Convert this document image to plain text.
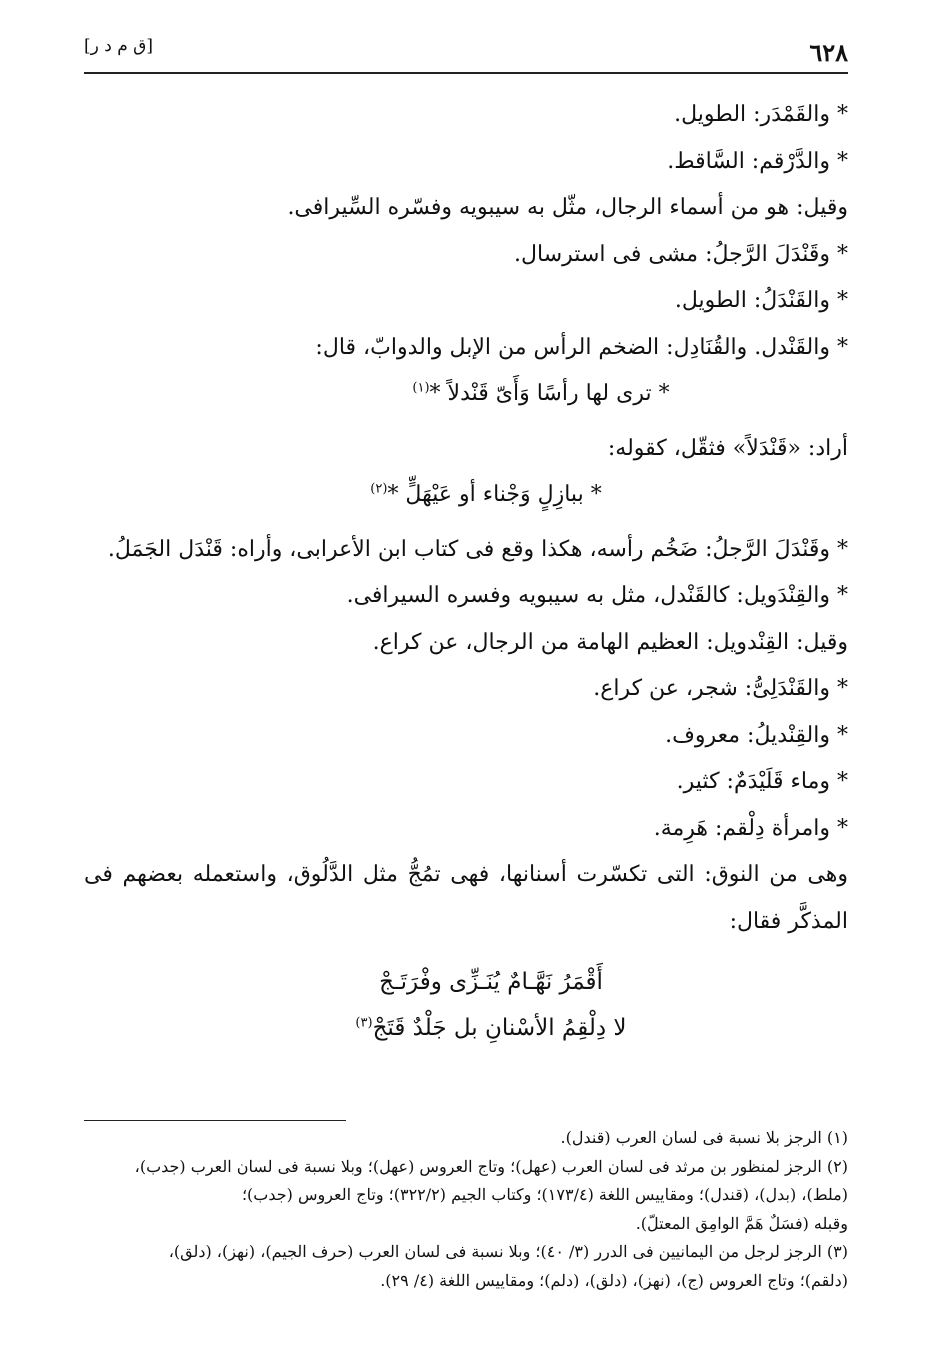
٦٢٨
[ق م د ر]

* والقَمْدَر: الطويل.

* والدَّرْقم: السَّاقط.

وقيل: هو من أسماء الرجال، مثّل به سيبويه وفسّره السِّيرافى.

* وقَنْدَلَ الرَّجلُ: مشى فى استرسال.

* والقَنْدَلُ: الطويل.

* والقَنْدل. والقُنَادِل: الضخم الرأس من الإبل والدوابّ، قال:

* ترى لها رأسًا وَأَىّ قَنْدلاً *$^{(١)}$

أراد: «قَنْدَلاً» فثقّل، كقوله:

* ببازِلٍ وَجْناء أو عَيْهَلٍّ *$^{(٢)}$

* وقَنْدَلَ الرَّجلُ: ضَخُم رأسه، هكذا وقع فى كتاب ابن الأعرابى، وأراه: قَنْدَل الجَمَلُ.

* والقِنْدَويل: كالقَنْدل، مثل به سيبويه وفسره السيرافى.

وقيل: القِنْدويل: العظيم الهامة من الرجال، عن كراع.

* والقَنْدَلِىُّ: شجر، عن كراع.

* والقِنْديلُ: معروف.

* وماء قَلَيْدَمٌ: كثير.

* وامرأة دِلْقم: هَرِمة.

وهى من النوق: التى تكسّرت أسنانها، فهى تمُجُّ مثل الدَّلُوق، واستعمله بعضهم فى المذكَّر فقال:

أَقْمَرُ نَهَّـامٌ يُنَـزِّى وفْرَتَـجْ
لا دِلْقِمُ الأسْنانِ بل جَلْدٌ قَتَجْ$^{(٣)}$
(١) الرجز بلا نسبة فى لسان العرب (قندل).
(٢) الرجز لمنظور بن مرثد فى لسان العرب (عهل)؛ وتاج العروس (عهل)؛ وبلا نسبة فى لسان العرب (جدب)،
(ملط)، (بدل)، (قندل)؛ ومقاييس اللغة (١٧٣/٤)؛ وكتاب الجيم (٣٢٢/٢)؛ وتاج العروس (جدب)؛
وقبله (فسَلٌ هَمَّ الوامِق المعتلّ).
(٣) الرجز لرجل من اليمانيين فى الدرر (٣/ ٤٠)؛ وبلا نسبة فى لسان العرب (حرف الجيم)، (نهز)، (دلق)،
(دلقم)؛ وتاج العروس (ج)، (نهز)، (دلق)، (دلم)؛ ومقاييس اللغة (٤/ ٢٩).
